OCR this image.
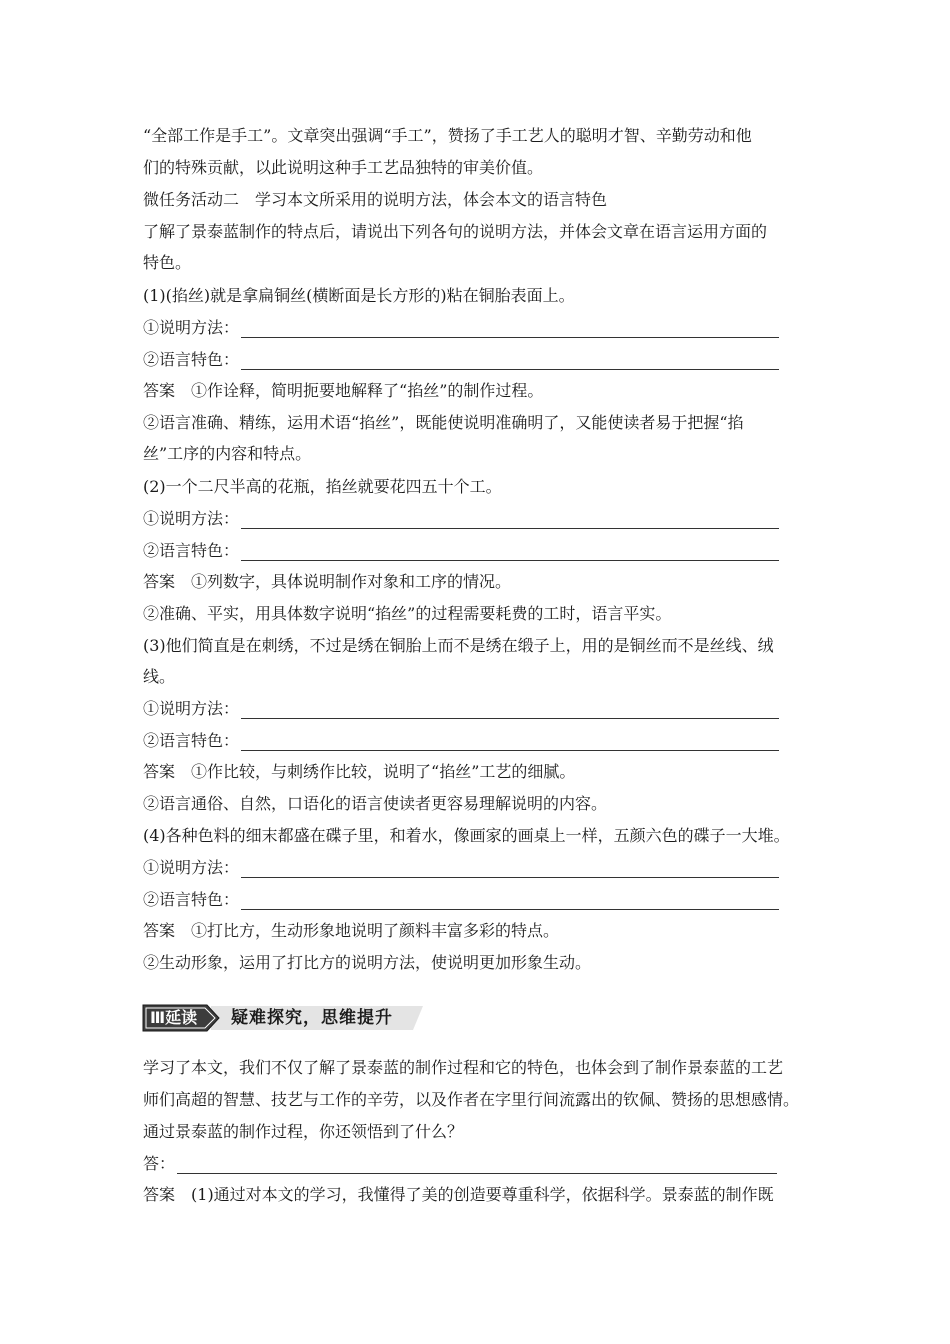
“全部工作是手工”。文章突出强调“手工”，赞扬了手工艺人的聪明才智、辛勤劳动和他
们的特殊贡献，以此说明这种手工艺品独特的审美价值。
微任务活动二　学习本文所采用的说明方法，体会本文的语言特色
了解了景泰蓝制作的特点后，请说出下列各句的说明方法，并体会文章在语言运用方面的
特色。
(1)(掐丝)就是拿扁铜丝(横断面是长方形的)粘在铜胎表面上。
①说明方法：
②语言特色：
答案 ①作诠释，简明扼要地解释了“掐丝”的制作过程。
②语言准确、精练，运用术语“掐丝”，既能使说明准确明了，又能使读者易于把握“掐
丝”工序的内容和特点。
(2)一个二尺半高的花瓶，掐丝就要花四五十个工。
①说明方法：
②语言特色：
答案 ①列数字，具体说明制作对象和工序的情况。
②准确、平实，用具体数字说明“掐丝”的过程需要耗费的工时，语言平实。
(3)他们简直是在刺绣，不过是绣在铜胎上而不是绣在缎子上，用的是铜丝而不是丝线、绒
线。
①说明方法：
②语言特色：
答案 ①作比较，与刺绣作比较，说明了“掐丝”工艺的细腻。
②语言通俗、自然，口语化的语言使读者更容易理解说明的内容。
(4)各种色料的细末都盛在碟子里，和着水，像画家的画桌上一样，五颜六色的碟子一大堆。
①说明方法：
②语言特色：
答案 ①打比方，生动形象地说明了颜料丰富多彩的特点。
②生动形象，运用了打比方的说明方法，使说明更加形象生动。
Ⅲ延读 疑难探究，思维提升
学习了本文，我们不仅了解了景泰蓝的制作过程和它的特色，也体会到了制作景泰蓝的工艺
师们高超的智慧、技艺与工作的辛劳，以及作者在字里行间流露出的钦佩、赞扬的思想感情。
通过景泰蓝的制作过程，你还领悟到了什么？
答：
答案 (1)通过对本文的学习，我懂得了美的创造要尊重科学，依据科学。景泰蓝的制作既
